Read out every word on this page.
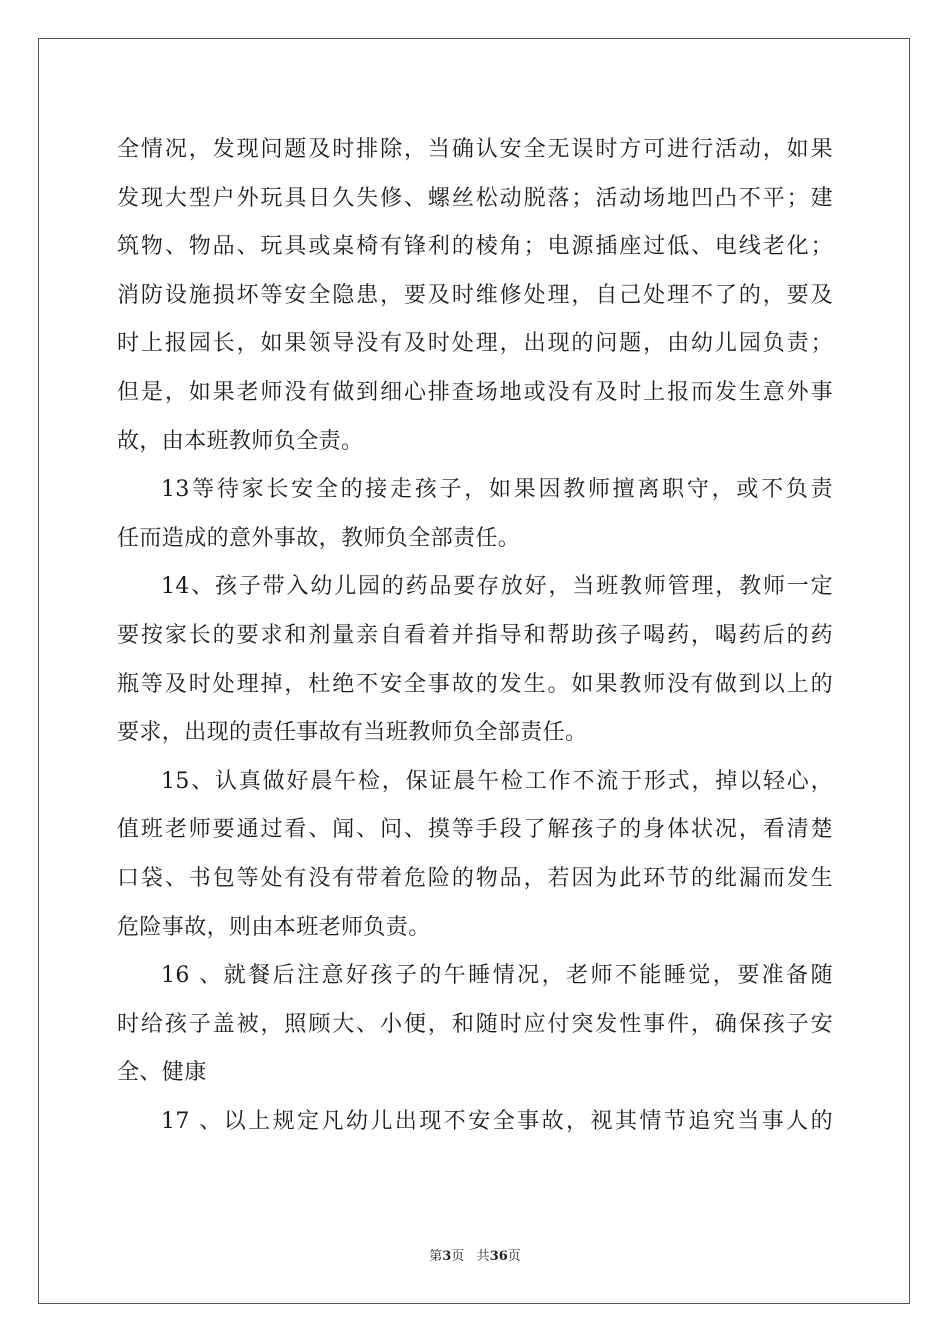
全情况，发现问题及时排除，当确认安全无误时方可进行活动，如果
发现大型户外玩具日久失修、螺丝松动脱落；活动场地凹凸不平；建
筑物、物品、玩具或桌椅有锋利的棱角；电源插座过低、电线老化；
消防设施损坏等安全隐患，要及时维修处理，自己处理不了的，要及
时上报园长，如果领导没有及时处理，出现的问题，由幼儿园负责；
但是，如果老师没有做到细心排查场地或没有及时上报而发生意外事
故，由本班教师负全责。
13等待家长安全的接走孩子，如果因教师擅离职守，或不负责
任而造成的意外事故，教师负全部责任。
14、孩子带入幼儿园的药品要存放好，当班教师管理，教师一定
要按家长的要求和剂量亲自看着并指导和帮助孩子喝药，喝药后的药
瓶等及时处理掉，杜绝不安全事故的发生。如果教师没有做到以上的
要求，出现的责任事故有当班教师负全部责任。
15、认真做好晨午检，保证晨午检工作不流于形式，掉以轻心，
值班老师要通过看、闻、问、摸等手段了解孩子的身体状况，看清楚
口袋、书包等处有没有带着危险的物品，若因为此环节的纰漏而发生
危险事故，则由本班老师负责。
16 、就餐后注意好孩子的午睡情况，老师不能睡觉，要准备随
时给孩子盖被，照顾大、小便，和随时应付突发性事件，确保孩子安
全、健康
17 、以上规定凡幼儿出现不安全事故，视其情节追究当事人的
第3页 共36页
